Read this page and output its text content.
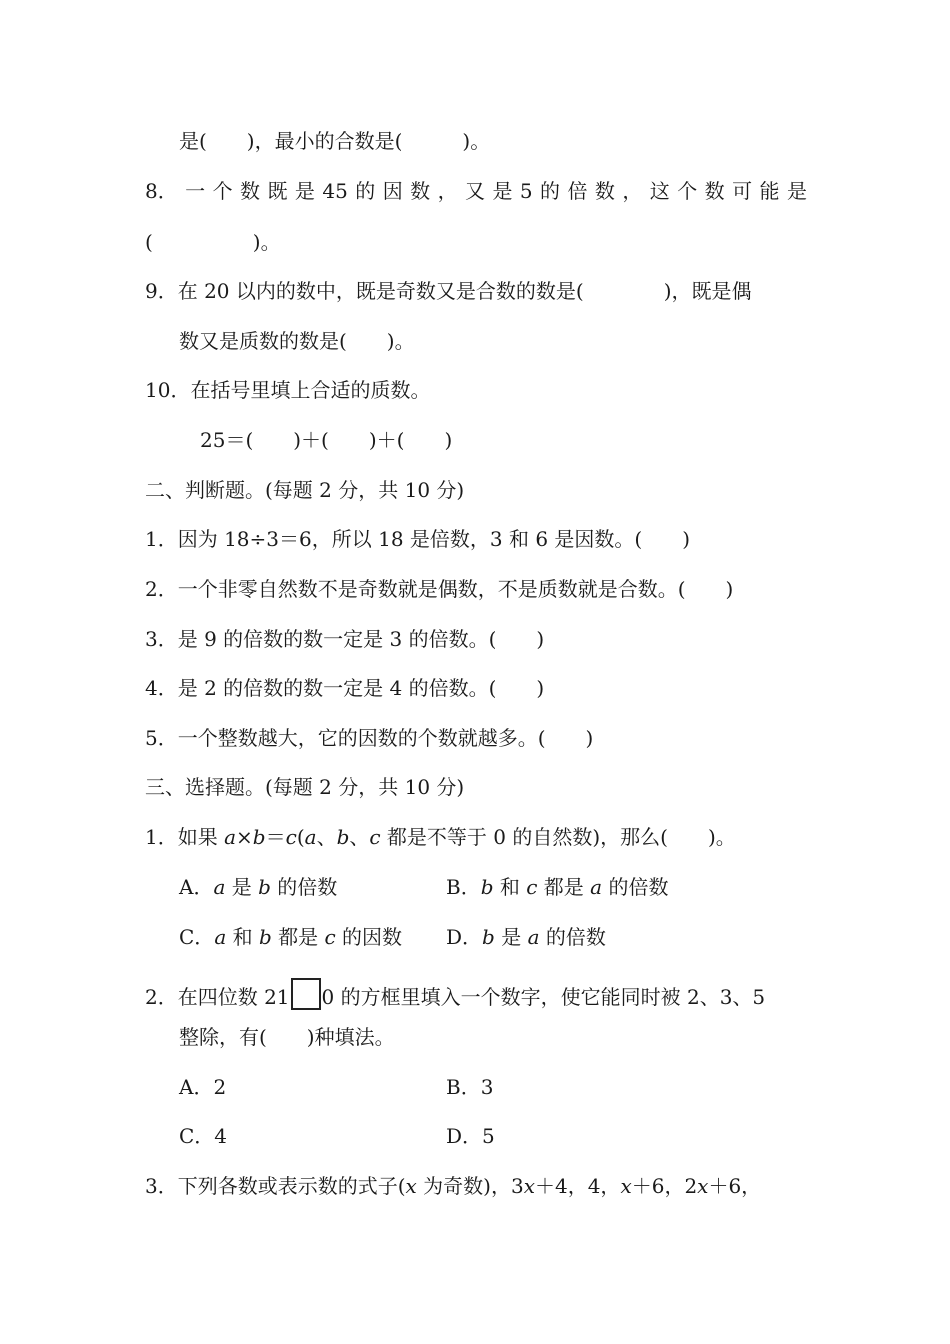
是(　　)，最小的合数是(　　　)。
8． 一 个 数 既 是 45 的 因 数 ， 又 是 5 的 倍 数 ， 这 个 数 可 能 是
(　　　　　)。
9．在 20 以内的数中，既是奇数又是合数的数是(　　　　)，既是偶
数又是质数的数是(　　)。
10．在括号里填上合适的质数。
25＝(　　)＋(　　)＋(　　)
二、判断题。(每题 2 分，共 10 分)
1．因为 18÷3＝6，所以 18 是倍数，3 和 6 是因数。(　　)
2．一个非零自然数不是奇数就是偶数，不是质数就是合数。(　　)
3．是 9 的倍数的数一定是 3 的倍数。(　　)
4．是 2 的倍数的数一定是 4 的倍数。(　　)
5．一个整数越大，它的因数的个数就越多。(　　)
三、选择题。(每题 2 分，共 10 分)
1．如果 a×b＝c(a、b、c 都是不等于 0 的自然数)，那么(　　)。
A．a 是 b 的倍数	B．b 和 c 都是 a 的倍数
C．a 和 b 都是 c 的因数 D．b 是 a 的倍数
2．在四位数 21 0 的方框里填入一个数字，使它能同时被 2、3、5
整除，有(　　)种填法。
A．2	B．3
C．4	D．5
3．下列各数或表示数的式子(x 为奇数)，3x＋4，4，x＋6，2x＋6，
